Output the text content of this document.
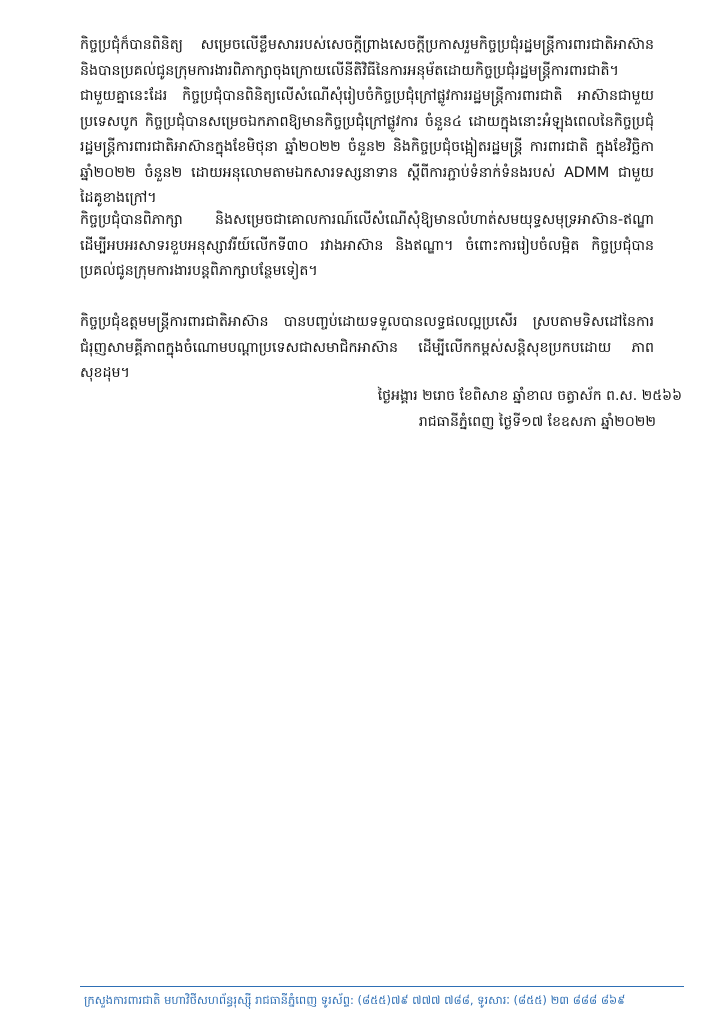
កិច្ចប្រជុំក៏បានពិនិត្យ សម្រេចលើខ្លឹមសាររបស់សេចក្តីព្រាងសេចក្តីប្រកាសរួមកិច្ចប្រជុំរដ្ឋមន្ត្រីការពារជាតិអាស៊ាន និងបានប្រគល់ជូនក្រុមការងារពិភាក្សាចុងក្រោយលើនីតិវិធីនៃការអនុម័តដោយកិច្ចប្រជុំរដ្ឋមន្ត្រីការពារជាតិ។ ជាមួយគ្នានេះដែរ កិច្ចប្រជុំបានពិនិត្យលើសំណើសុំរៀបចំកិច្ចប្រជុំក្រៅផ្លូវការរដ្ឋមន្ត្រីការពារជាតិ អាស៊ានជាមួយប្រទេសបូក កិច្ចប្រជុំបានសម្រេចឯកភាពឱ្យមានកិច្ចប្រជុំក្រៅផ្លូវការ ចំនួន៤ ដោយក្នុងនោះអំឡុងពេលនៃកិច្ចប្រជុំរដ្ឋមន្ត្រីការពារជាតិអាស៊ានក្នុងខែមិថុនា ឆ្នាំ២០២២ ចំនួន២ និងកិច្ចប្រជុំចង្អៀតរដ្ឋមន្ត្រី ការពារជាតិ ក្នុងខែវិច្ឆិកា ឆ្នាំ២០២២ ចំនួន២ ដោយអនុលោមតាមឯកសារទស្សនាទាន ស្តីពីការភ្ជាប់ទំនាក់ទំនងរបស់ ADMM ជាមួយដៃគូខាងក្រៅ។

កិច្ចប្រជុំបានពិភាក្សា និងសម្រេចជាគោលការណ៍លើសំណើសុំឱ្យមានលំហាត់សមយុទ្ធសមុទ្រអាស៊ាន-ឥណ្ឌា ដើម្បីអបអរសាទរខួបអនុស្សាវរីយ៍លើកទី៣០ រវាងអាស៊ាន និងឥណ្ឌា។ ចំពោះការរៀបចំលម្អិត កិច្ចប្រជុំបានប្រគល់ជូនក្រុមការងារបន្តពិភាក្សាបន្ថែមទៀត។

កិច្ចប្រជុំឧត្តមមន្ត្រីការពារជាតិអាស៊ាន បានបញ្ចប់ដោយទទួលបានលទ្ធផលល្អប្រសើរ ស្របតាមទិសដៅនៃការជំរុញសាមគ្គីភាពក្នុងចំណោមបណ្តាប្រទេសជាសមាជិកអាស៊ាន ដើម្បីលើកកម្ពស់សន្តិសុខប្រកបដោយ ភាពសុខដុម។

ថ្ងៃអង្គារ ២រោច ខែពិសាខ ឆ្នាំខាល ចត្វាស័ក ព.ស. ២៥៦៦
រាជធានីភ្នំពេញ ថ្ងៃទី១៧ ខែឧសភា ឆ្នាំ២០២២
ក្រសួងការពារជាតិ មហាវិថីសហព័ន្ធរុស្ស៊ី រាជធានីភ្នំពេញ ទូរស័ព្ទ: (៨៥៥)៧៩ ៧៧៧ ៧៨៨, ទូរសារៈ (៨៥៥) ២៣ ៨៨៨ ៨៦៩
